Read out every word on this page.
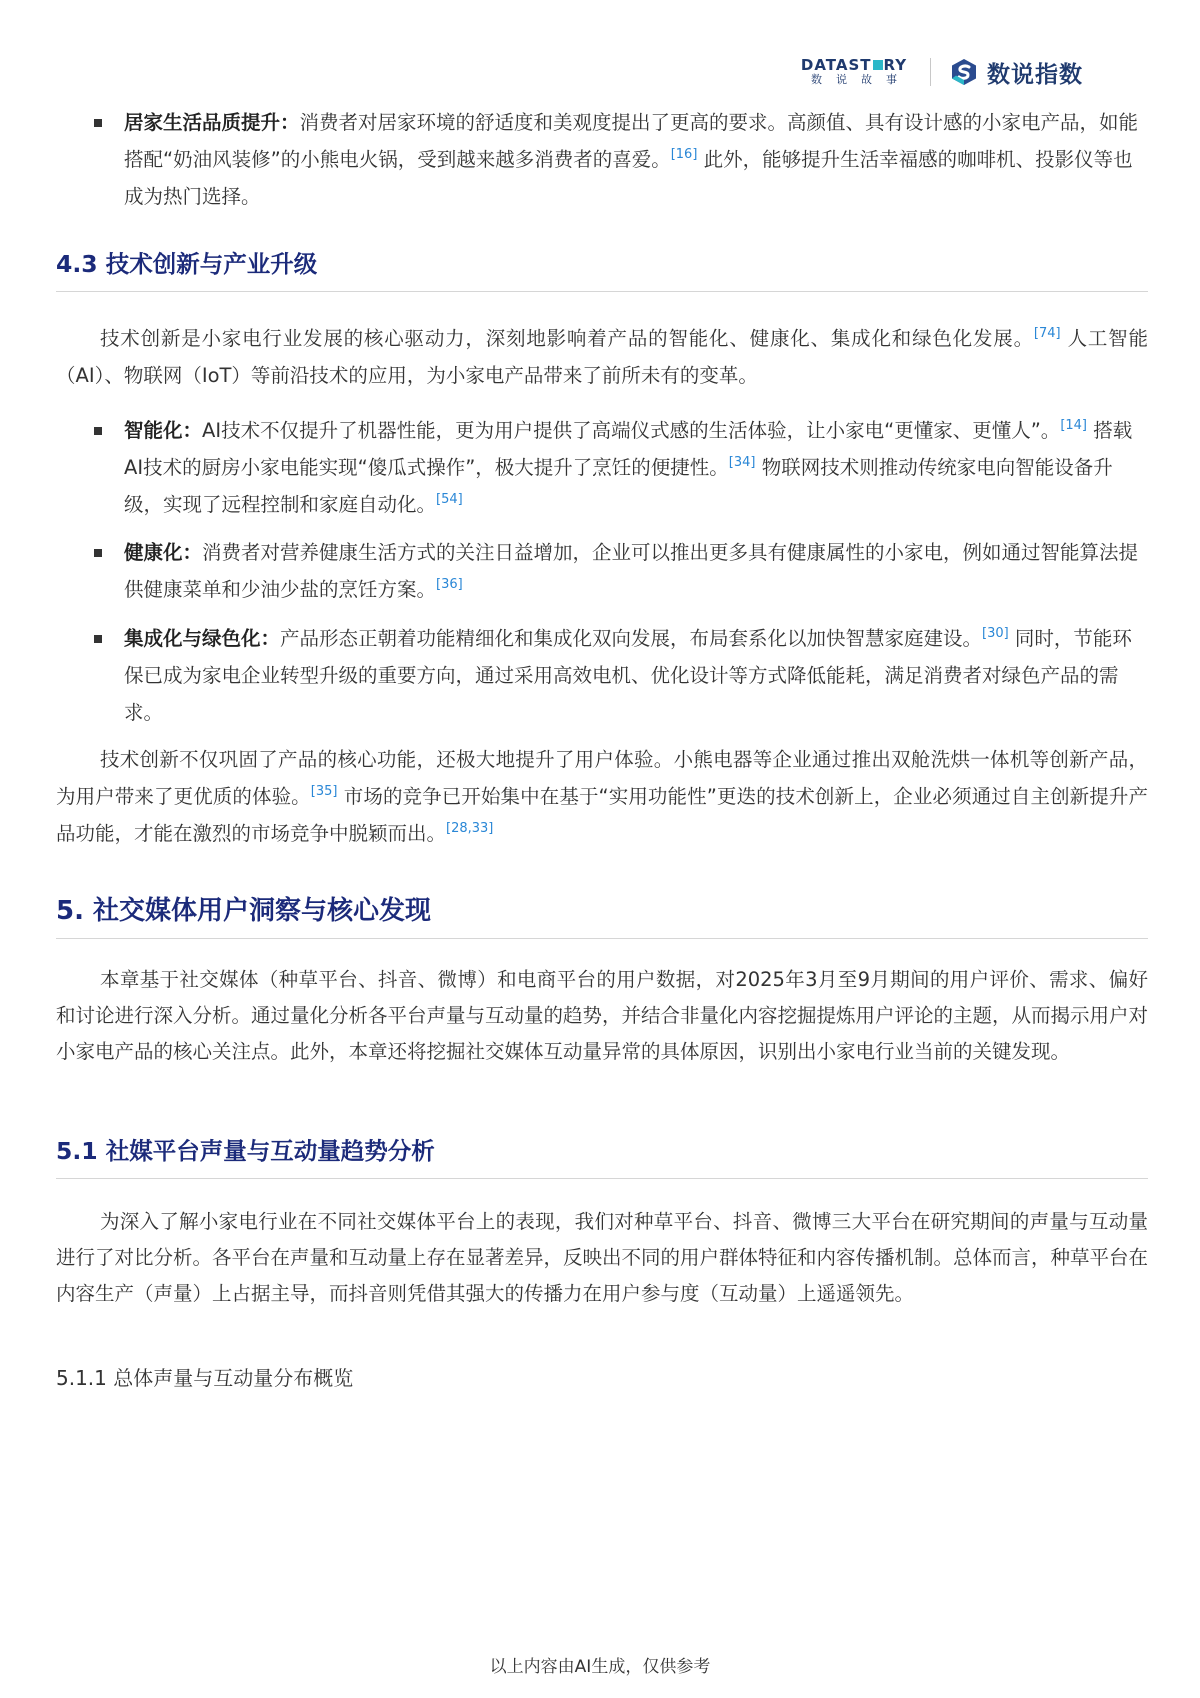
DATAST RY
数说故事	数说指数
居家生活品质提升：消费者对居家环境的舒适度和美观度提出了更高的要求。高颜值、具有设计感的小家电产品，如能搭配“奶油风装修”的小熊电火锅，受到越来越多消费者的喜爱。[16] 此外，能够提升生活幸福感的咖啡机、投影仪等也成为热门选择。
4.3 技术创新与产业升级
技术创新是小家电行业发展的核心驱动力，深刻地影响着产品的智能化、健康化、集成化和绿色化发展。[74] 人工智能（AI）、物联网（IoT）等前沿技术的应用，为小家电产品带来了前所未有的变革。
智能化：AI技术不仅提升了机器性能，更为用户提供了高端仪式感的生活体验，让小家电“更懂家、更懂人”。[14] 搭载AI技术的厨房小家电能实现“傻瓜式操作”，极大提升了烹饪的便捷性。[34] 物联网技术则推动传统家电向智能设备升级，实现了远程控制和家庭自动化。[54]
健康化：消费者对营养健康生活方式的关注日益增加，企业可以推出更多具有健康属性的小家电，例如通过智能算法提供健康菜单和少油少盐的烹饪方案。[36]
集成化与绿色化：产品形态正朝着功能精细化和集成化双向发展，布局套系化以加快智慧家庭建设。[30] 同时，节能环保已成为家电企业转型升级的重要方向，通过采用高效电机、优化设计等方式降低能耗，满足消费者对绿色产品的需求。
技术创新不仅巩固了产品的核心功能，还极大地提升了用户体验。小熊电器等企业通过推出双舱洗烘一体机等创新产品，为用户带来了更优质的体验。[35] 市场的竞争已开始集中在基于“实用功能性”更迭的技术创新上，企业必须通过自主创新提升产品功能，才能在激烈的市场竞争中脱颖而出。[28,33]
5. 社交媒体用户洞察与核心发现
本章基于社交媒体（种草平台、抖音、微博）和电商平台的用户数据，对2025年3月至9月期间的用户评价、需求、偏好和讨论进行深入分析。通过量化分析各平台声量与互动量的趋势，并结合非量化内容挖掘提炼用户评论的主题，从而揭示用户对小家电产品的核心关注点。此外，本章还将挖掘社交媒体互动量异常的具体原因，识别出小家电行业当前的关键发现。
5.1 社媒平台声量与互动量趋势分析
为深入了解小家电行业在不同社交媒体平台上的表现，我们对种草平台、抖音、微博三大平台在研究期间的声量与互动量进行了对比分析。各平台在声量和互动量上存在显著差异，反映出不同的用户群体特征和内容传播机制。总体而言，种草平台在内容生产（声量）上占据主导，而抖音则凭借其强大的传播力在用户参与度（互动量）上遥遥领先。
5.1.1 总体声量与互动量分布概览
以上内容由AI生成，仅供参考
